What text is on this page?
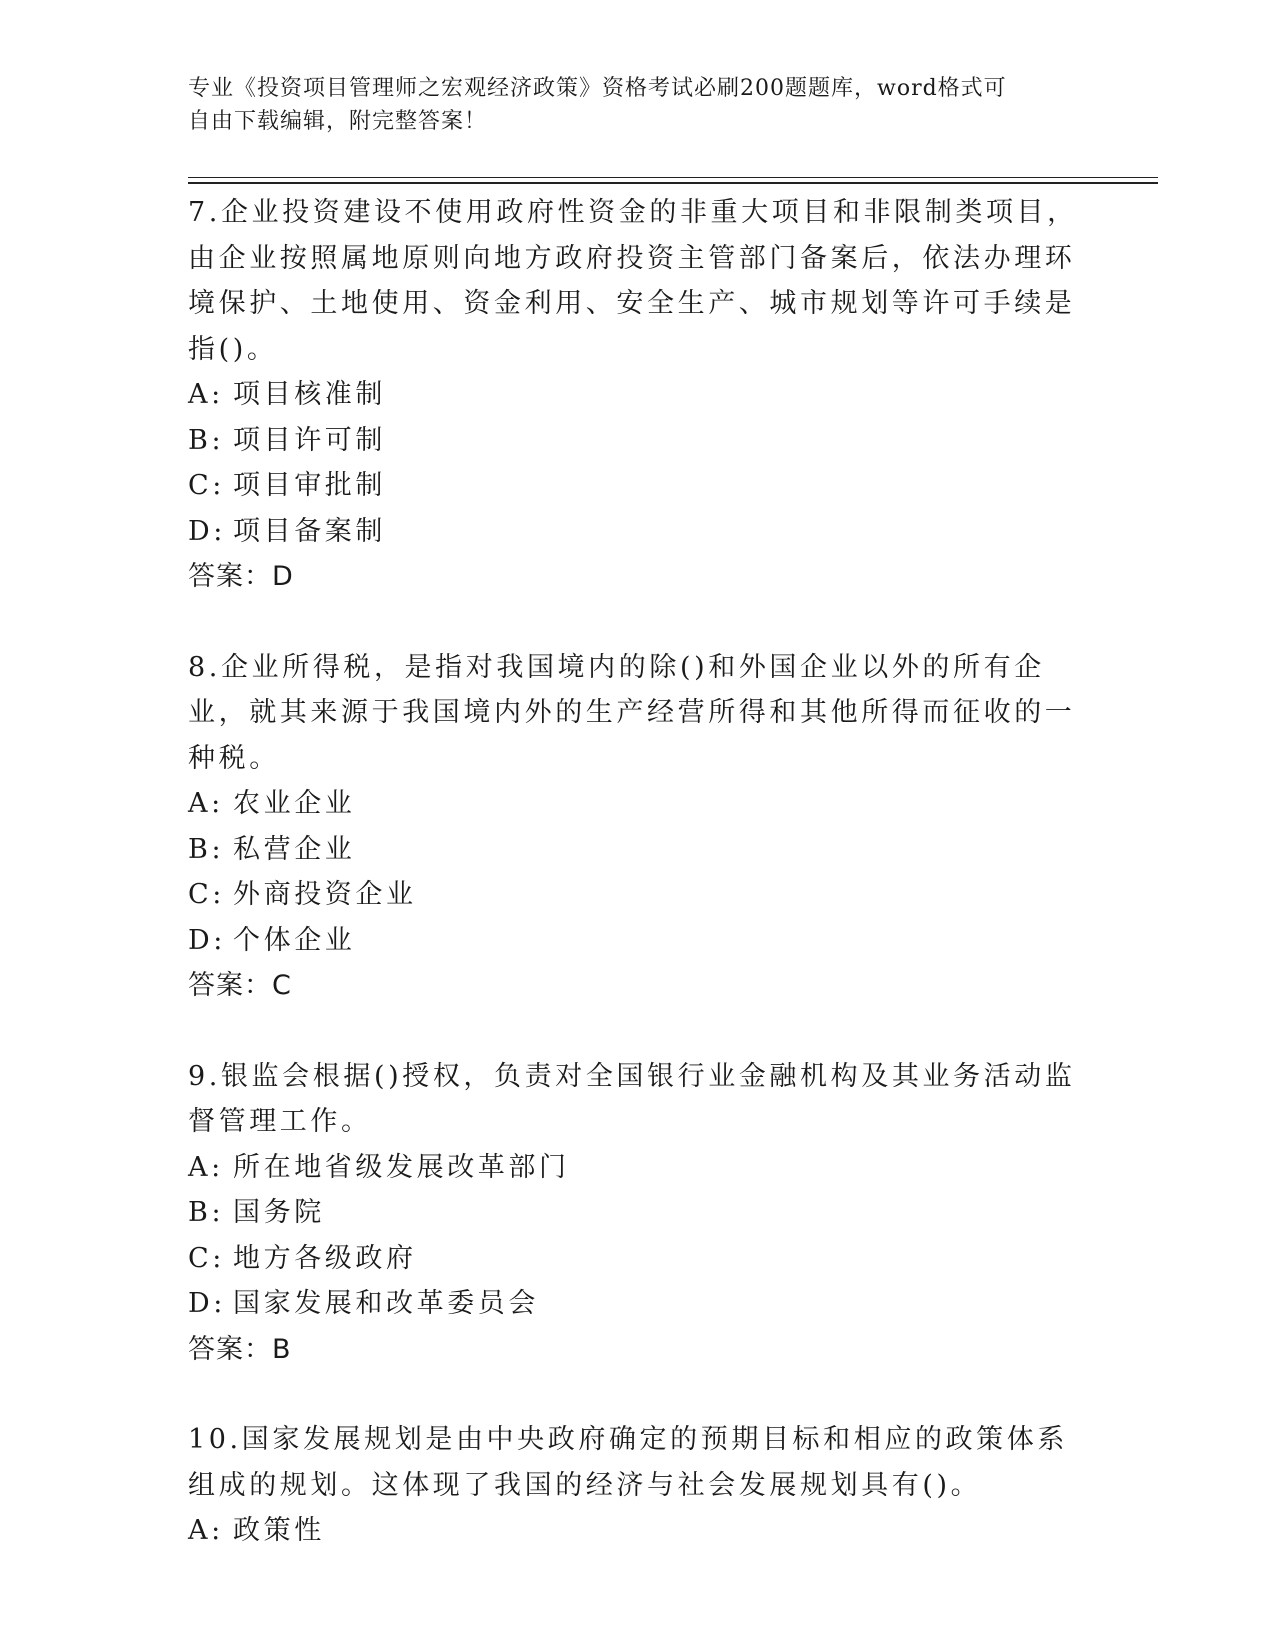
专业《投资项目管理师之宏观经济政策》资格考试必刷200题题库，word格式可
自由下载编辑，附完整答案！

7.企业投资建设不使用政府性资金的非重大项目和非限制类项目，由企业按照属地原则向地方政府投资主管部门备案后，依法办理环境保护、土地使用、资金利用、安全生产、城市规划等许可手续是指()。

A: 项目核准制

B: 项目许可制

C: 项目审批制

D: 项目备案制

答案：D

8.企业所得税，是指对我国境内的除()和外国企业以外的所有企业，就其来源于我国境内外的生产经营所得和其他所得而征收的一种税。

A: 农业企业

B: 私营企业

C: 外商投资企业

D: 个体企业

答案：C

9.银监会根据()授权，负责对全国银行业金融机构及其业务活动监督管理工作。

A: 所在地省级发展改革部门

B: 国务院

C: 地方各级政府

D: 国家发展和改革委员会

答案：B

10.国家发展规划是由中央政府确定的预期目标和相应的政策体系组成的规划。这体现了我国的经济与社会发展规划具有()。

A: 政策性
